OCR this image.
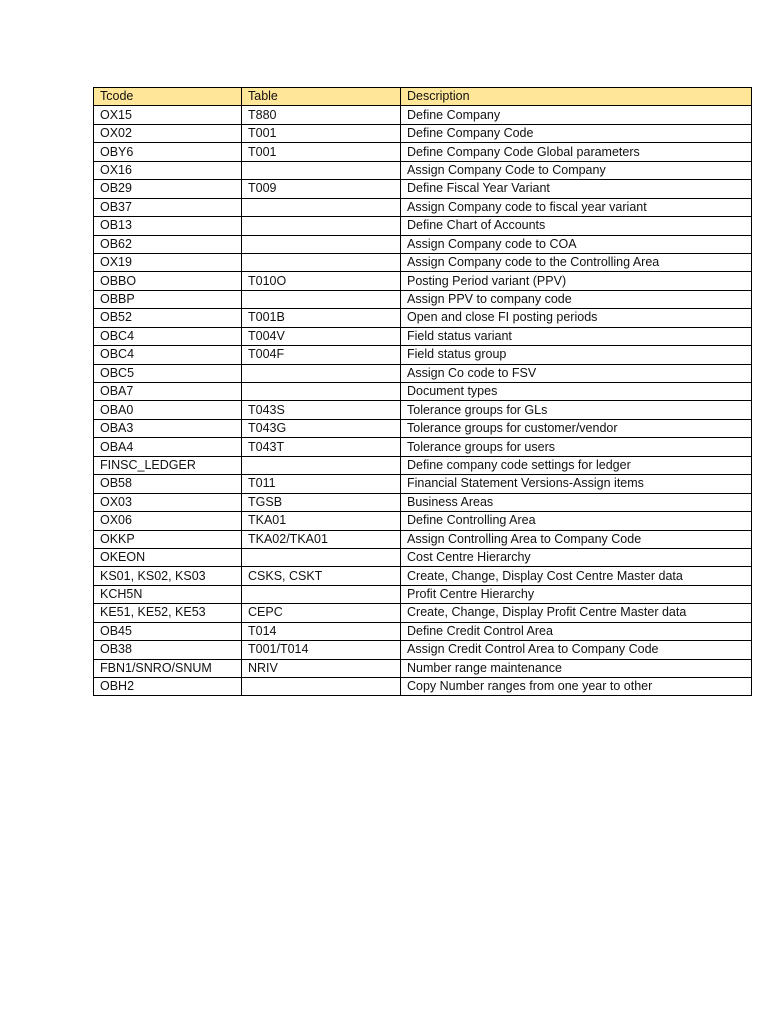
Tcode	Table	Description
OX15	T880	Define Company
OX02	T001	Define Company Code
OBY6	T001	Define Company Code Global parameters
OX16		Assign Company Code to Company
OB29	T009	Define Fiscal Year Variant
OB37		Assign Company code to fiscal year variant
OB13		Define Chart of Accounts
OB62		Assign Company code to COA
OX19		Assign Company code to the Controlling Area
OBBO	T010O	Posting Period variant (PPV)
OBBP		Assign PPV to company code
OB52	T001B	Open and close FI posting periods
OBC4	T004V	Field status variant
OBC4	T004F	Field status group
OBC5		Assign Co code to FSV
OBA7		Document types
OBA0	T043S	Tolerance groups for GLs
OBA3	T043G	Tolerance groups for customer/vendor
OBA4	T043T	Tolerance groups for users
FINSC_LEDGER		Define company code settings for ledger
OB58	T011	Financial Statement Versions-Assign items
OX03	TGSB	Business Areas
OX06	TKA01	Define Controlling Area
OKKP	TKA02/TKA01	Assign Controlling Area to Company Code
OKEON		Cost Centre Hierarchy
KS01, KS02, KS03	CSKS, CSKT	Create, Change, Display Cost Centre Master data
KCH5N		Profit Centre Hierarchy
KE51, KE52, KE53	CEPC	Create, Change, Display Profit Centre Master data
OB45	T014	Define Credit Control Area
OB38	T001/T014	Assign Credit Control Area to Company Code
FBN1/SNRO/SNUM	NRIV	Number range maintenance
OBH2		Copy Number ranges from one year to other
